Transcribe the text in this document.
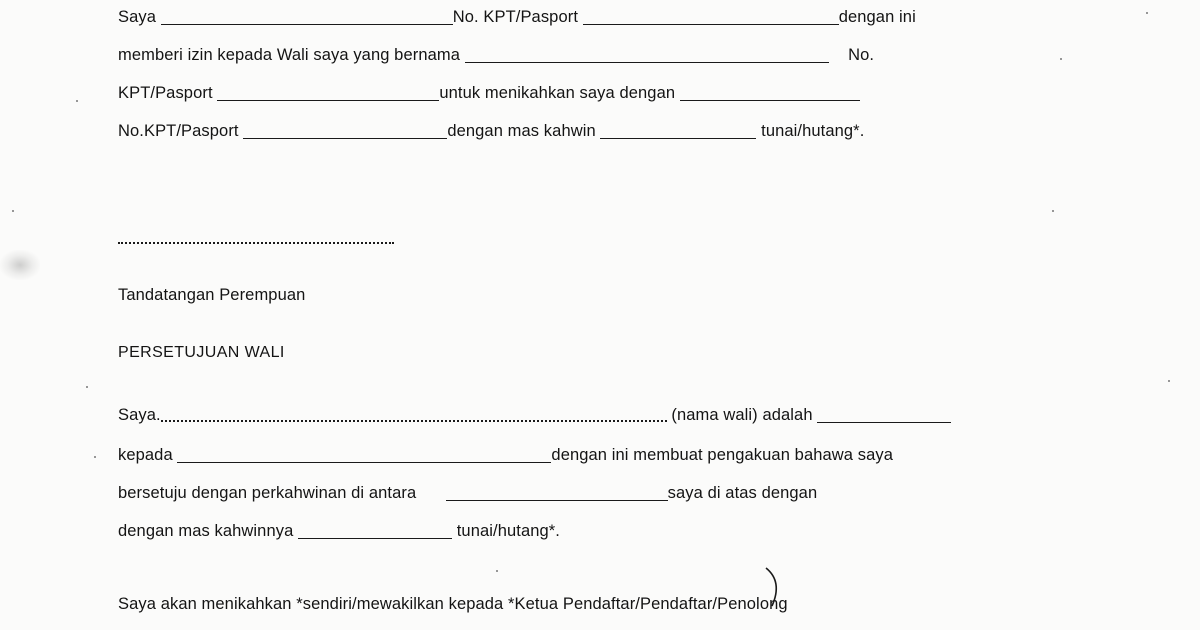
Saya	No. KPT/Pasport	dengan ini
memberi izin kepada Wali saya yang bernama	No.
KPT/Pasport	untuk menikahkan saya dengan
No.KPT/Pasport	dengan mas kahwin	tunai/hutang*.
Tandatangan Perempuan
PERSETUJUAN WALI
Saya.	(nama wali) adalah
kepada	dengan ini membuat pengakuan bahawa saya
bersetuju dengan perkahwinan di antara	saya di atas dengan
dengan mas kahwinnya	tunai/hutang*.
Saya akan menikahkan *sendiri/mewakilkan kepada *Ketua Pendaftar/Pendaftar/Penolong
